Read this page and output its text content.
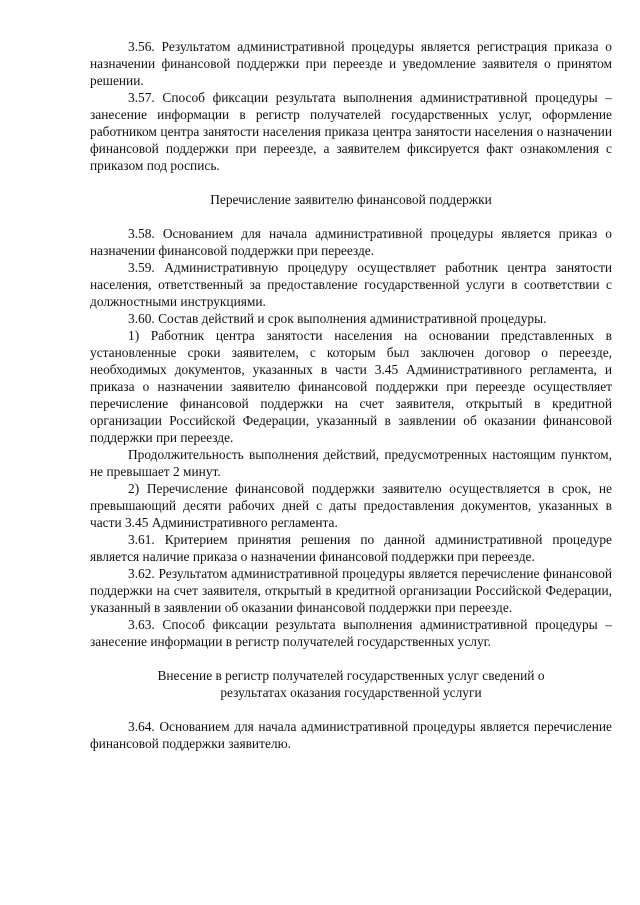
3.56. Результатом административной процедуры является регистрация приказа о назначении финансовой поддержки при переезде и уведомление заявителя о принятом решении.

3.57. Способ фиксации результата выполнения административной процедуры – занесение информации в регистр получателей государственных услуг, оформление работником центра занятости населения приказа центра занятости населения о назначении финансовой поддержки при переезде, а заявителем фиксируется факт ознакомления с приказом под роспись.

Перечисление заявителю финансовой поддержки

3.58. Основанием для начала административной процедуры является приказ о назначении финансовой поддержки при переезде.

3.59. Административную процедуру осуществляет работник центра занятости населения, ответственный за предоставление государственной услуги в соответствии с должностными инструкциями.

3.60. Состав действий и срок выполнения административной процедуры.

1) Работник центра занятости населения на основании представленных в установленные сроки заявителем, с которым был заключен договор о переезде, необходимых документов, указанных в части 3.45 Административного регламента, и приказа о назначении заявителю финансовой поддержки при переезде осуществляет перечисление финансовой поддержки на счет заявителя, открытый в кредитной организации Российской Федерации, указанный в заявлении об оказании финансовой поддержки при переезде.

Продолжительность выполнения действий, предусмотренных настоящим пунктом, не превышает 2 минут.

2) Перечисление финансовой поддержки заявителю осуществляется в срок, не превышающий десяти рабочих дней с даты предоставления документов, указанных в части 3.45 Административного регламента.

3.61. Критерием принятия решения по данной административной процедуре является наличие приказа о назначении финансовой поддержки при переезде.

3.62. Результатом административной процедуры является перечисление финансовой поддержки на счет заявителя, открытый в кредитной организации Российской Федерации, указанный в заявлении об оказании финансовой поддержки при переезде.

3.63. Способ фиксации результата выполнения административной процедуры – занесение информации в регистр получателей государственных услуг.

Внесение в регистр получателей государственных услуг сведений о результатах оказания государственной услуги

3.64. Основанием для начала административной процедуры является перечисление финансовой поддержки заявителю.
